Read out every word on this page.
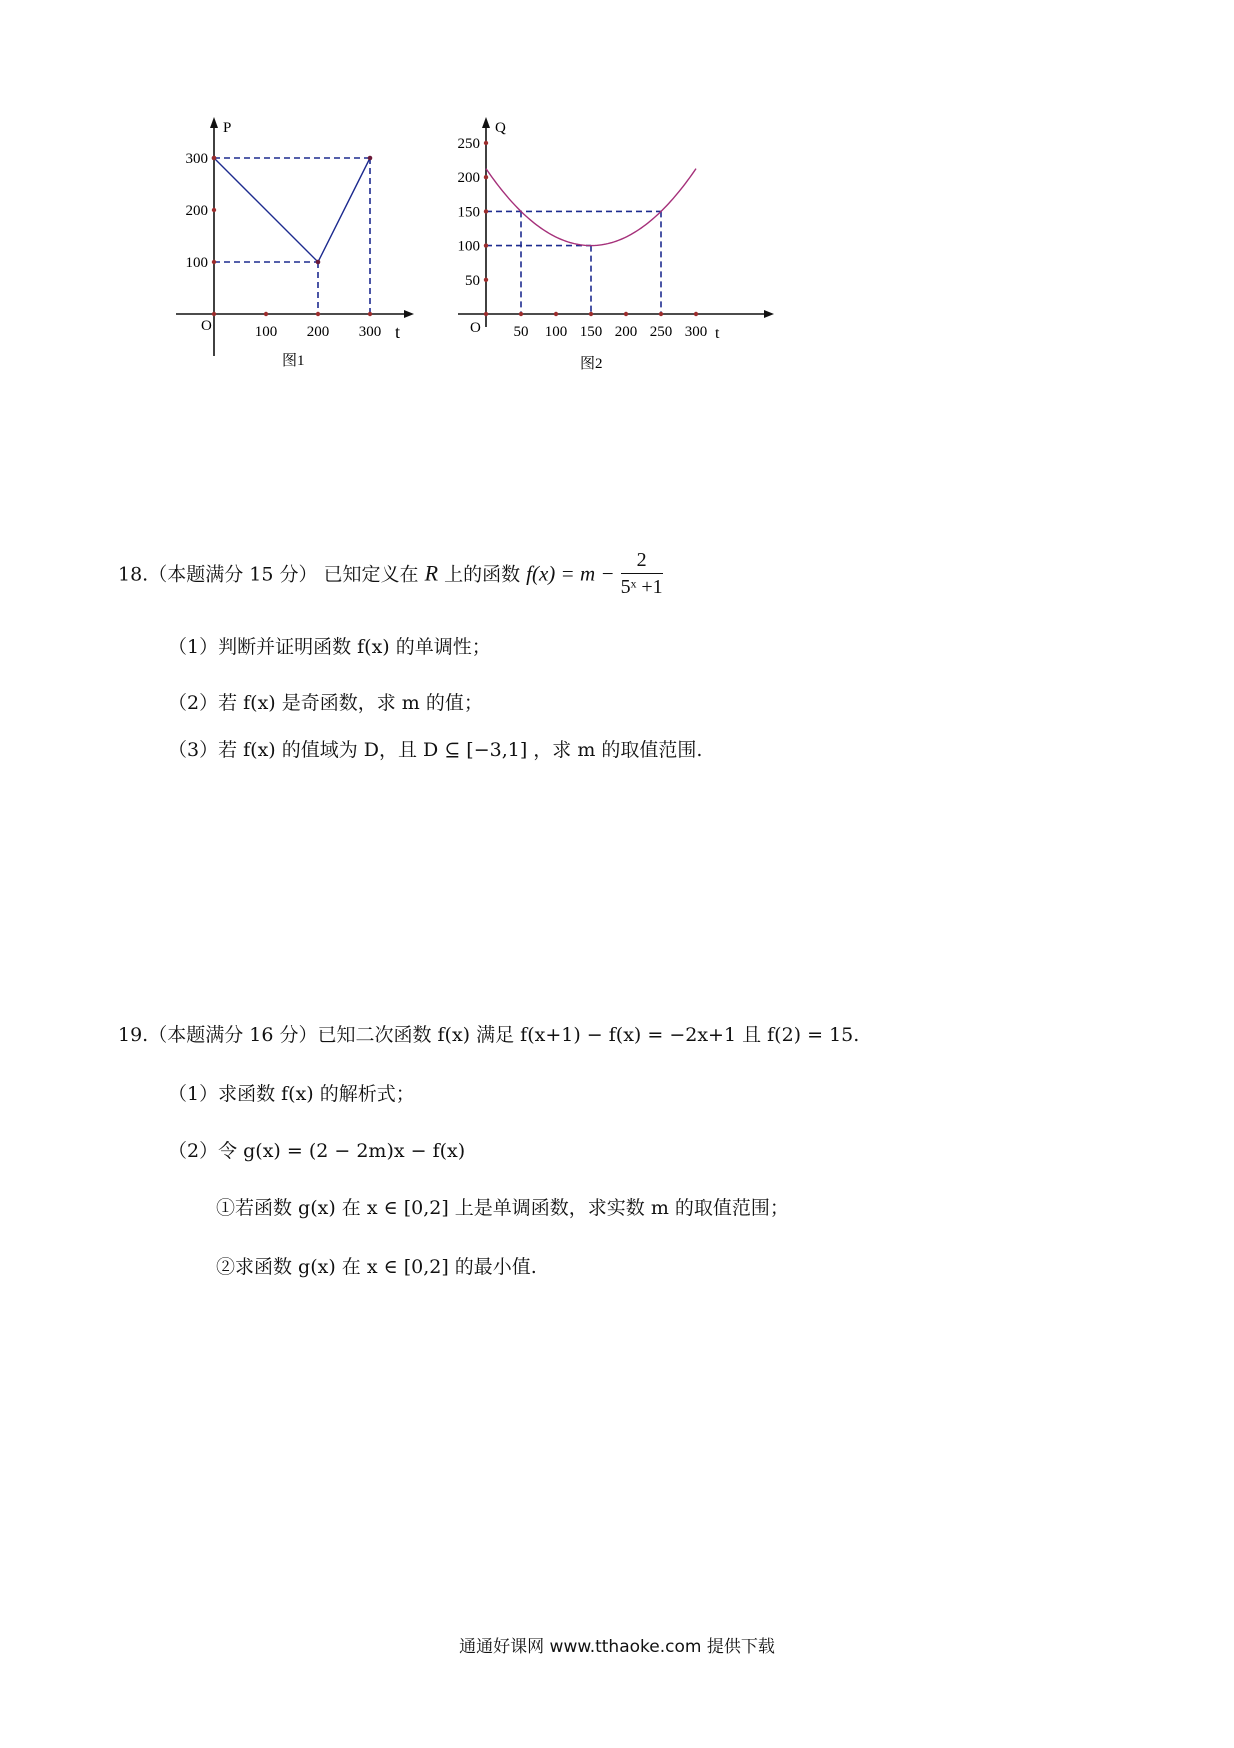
100 200 300
100
200
300
P
t
O
图1
50 100 150 200 250 300
50
100
150
200
250
Q
t
O
图2
18.（本题满分 15 分） 已知定义在 R 上的函数 $f(x) = m - \frac{2}{\text{5ˣ +1}}$
（1）判断并证明函数 f(x) 的单调性；
（2）若 f(x) 是奇函数，求 m 的值；
（3）若 f(x) 的值域为 D，且 D ⊆ [−3,1] ，求 m 的取值范围.
19.（本题满分 16 分）已知二次函数 f(x) 满足 f(x+1) − f(x) = −2x+1 且 f(2) = 15.
（1）求函数 f(x) 的解析式；
（2）令 g(x) = (2 − 2m)x − f(x)
①若函数 g(x) 在 x ∈ [0,2] 上是单调函数，求实数 m 的取值范围；
②求函数 g(x) 在 x ∈ [0,2] 的最小值.
通通好课网 www.tthaoke.com 提供下载
